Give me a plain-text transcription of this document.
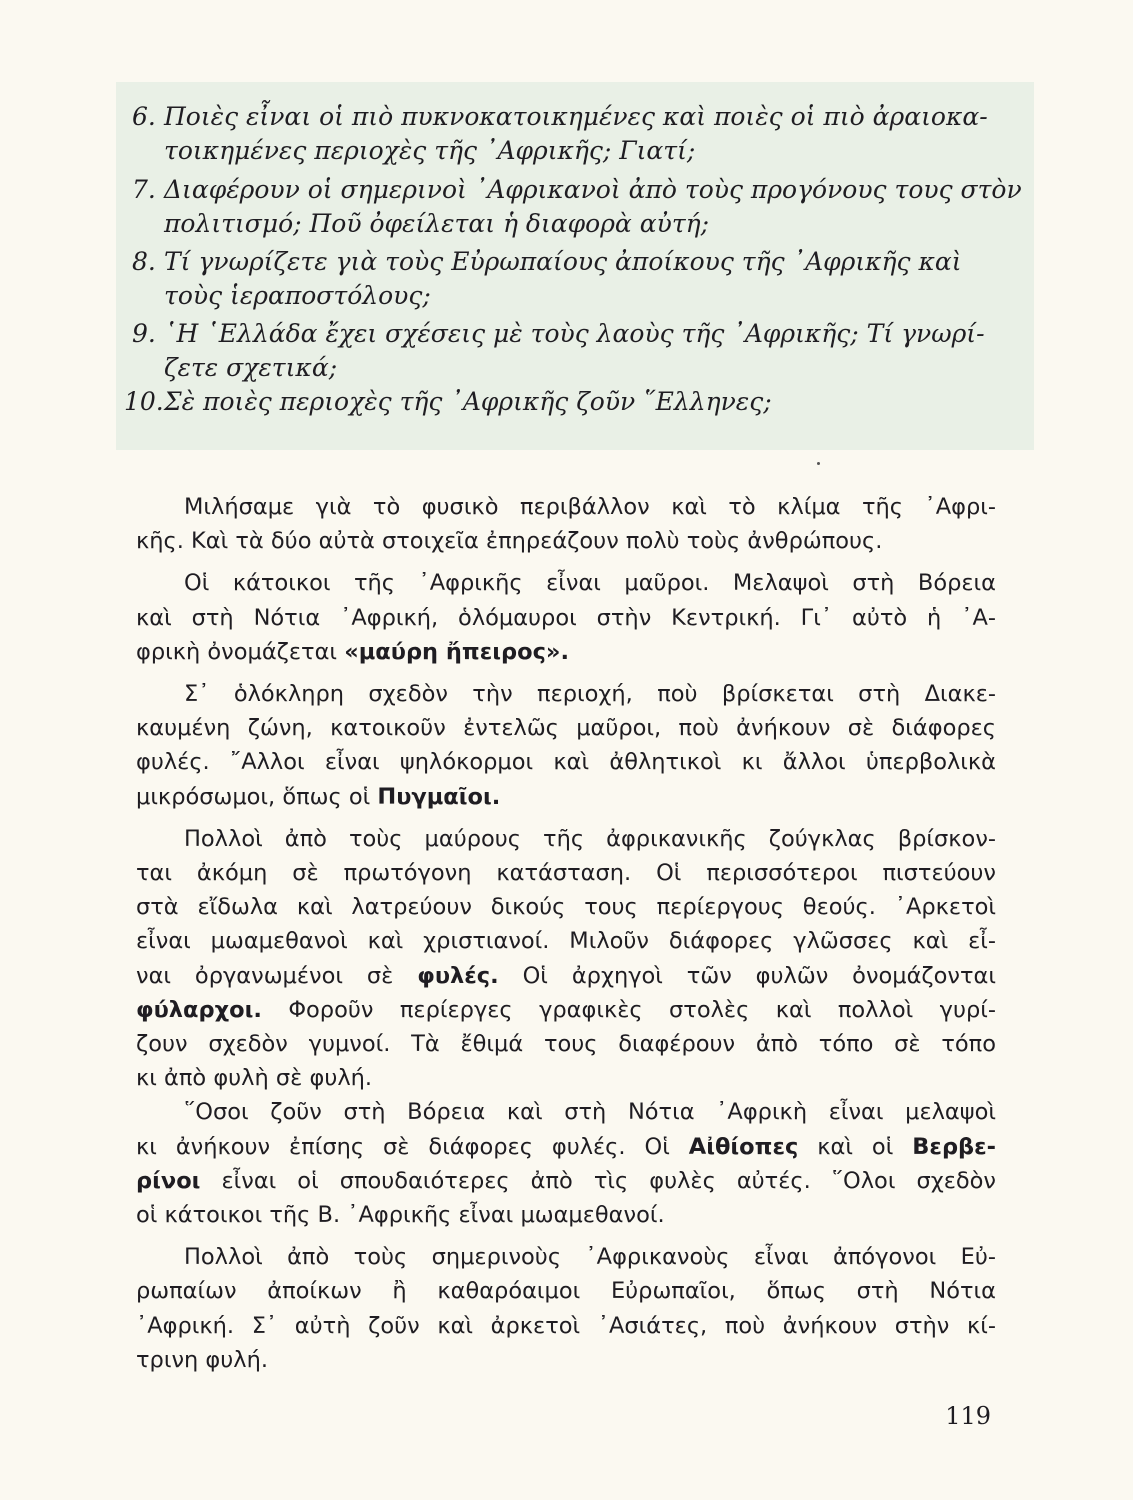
6. Ποιὲς εἶναι οἱ πιὸ πυκνοκατοικημένες καὶ ποιὲς οἱ πιὸ ἀραιοκα-
τοικημένες περιοχὲς τῆς ᾽Αφρικῆς; Γιατί;
7. Διαφέρουν οἱ σημερινοὶ ᾽Αφρικανοὶ ἀπὸ τοὺς προγόνους τους στὸν
πολιτισμό; Ποῦ ὀφείλεται ἡ διαφορὰ αὐτή;
8. Τί γνωρίζετε γιὰ τοὺς Εὐρωπαίους ἀποίκους τῆς ᾽Αφρικῆς καὶ
τοὺς ἱεραποστόλους;
9. ῾Η ῾Ελλάδα ἔχει σχέσεις μὲ τοὺς λαοὺς τῆς ᾽Αφρικῆς; Τί γνωρί-
ζετε σχετικά;
10.Σὲ ποιὲς περιοχὲς τῆς ᾽Αφρικῆς ζοῦν ῞Ελληνες;
Μιλήσαμε γιὰ τὸ φυσικὸ περιβάλλον καὶ τὸ κλίμα τῆς ᾽Αφρι-
κῆς. Καὶ τὰ δύο αὐτὰ στοιχεῖα ἐπηρεάζουν πολὺ τοὺς ἀνθρώπους.
Οἱ κάτοικοι τῆς ᾽Αφρικῆς εἶναι μαῦροι. Μελαψοὶ στὴ Βόρεια
καὶ στὴ Νότια ᾽Αφρική, ὁλόμαυροι στὴν Κεντρική. Γι᾽ αὐτὸ ἡ ᾽Α-
φρικὴ ὀνομάζεται «μαύρη ἤπειρος».
Σ᾽ ὁλόκληρη σχεδὸν τὴν περιοχή, ποὺ βρίσκεται στὴ Διακε-
καυμένη ζώνη, κατοικοῦν ἐντελῶς μαῦροι, ποὺ ἀνήκουν σὲ διάφορες
φυλές. ῎Αλλοι εἶναι ψηλόκορμοι καὶ ἀθλητικοὶ κι ἄλλοι ὑπερβολικὰ
μικρόσωμοι, ὅπως οἱ Πυγμαῖοι.
Πολλοὶ ἀπὸ τοὺς μαύρους τῆς ἀφρικανικῆς ζούγκλας βρίσκον-
ται ἀκόμη σὲ πρωτόγονη κατάσταση. Οἱ περισσότεροι πιστεύουν
στὰ εἴδωλα καὶ λατρεύουν δικούς τους περίεργους θεούς. ᾽Αρκετοὶ
εἶναι μωαμεθανοὶ καὶ χριστιανοί. Μιλοῦν διάφορες γλῶσσες καὶ εἶ-
ναι ὀργανωμένοι σὲ φυλές. Οἱ ἀρχηγοὶ τῶν φυλῶν ὀνομάζονται
φύλαρχοι. Φοροῦν περίεργες γραφικὲς στολὲς καὶ πολλοὶ γυρί-
ζουν σχεδὸν γυμνοί. Τὰ ἔθιμά τους διαφέρουν ἀπὸ τόπο σὲ τόπο
κι ἀπὸ φυλὴ σὲ φυλή.
῞Οσοι ζοῦν στὴ Βόρεια καὶ στὴ Νότια ᾽Αφρικὴ εἶναι μελαψοὶ
κι ἀνήκουν ἐπίσης σὲ διάφορες φυλές. Οἱ Αἰθίοπες καὶ οἱ Βερβε-
ρίνοι εἶναι οἱ σπουδαιότερες ἀπὸ τὶς φυλὲς αὐτές. ῞Ολοι σχεδὸν
οἱ κάτοικοι τῆς Β. ᾽Αφρικῆς εἶναι μωαμεθανοί.
Πολλοὶ ἀπὸ τοὺς σημερινοὺς ᾽Αφρικανοὺς εἶναι ἀπόγονοι Εὐ-
ρωπαίων ἀποίκων ἢ καθαρόαιμοι Εὐρωπαῖοι, ὅπως στὴ Νότια
᾽Αφρική. Σ᾽ αὐτὴ ζοῦν καὶ ἀρκετοὶ ᾽Ασιάτες, ποὺ ἀνήκουν στὴν κί-
τρινη φυλή.
119
